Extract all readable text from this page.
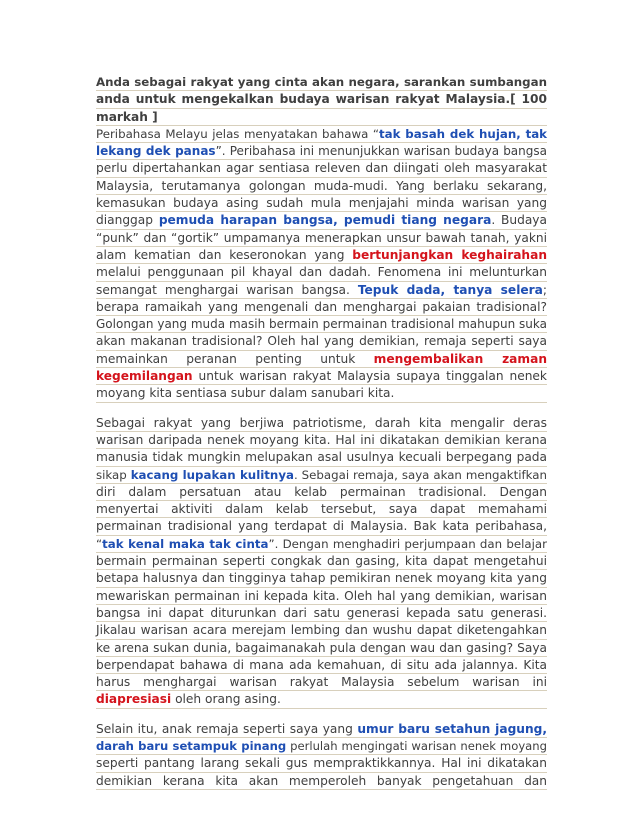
Anda sebagai rakyat yang cinta akan negara, sarankan sumbangan
anda untuk mengekalkan budaya warisan rakyat Malaysia.[ 100
markah ]

Peribahasa Melayu jelas menyatakan bahawa “tak basah dek hujan, tak
lekang dek panas”. Peribahasa ini menunjukkan warisan budaya bangsa
perlu dipertahankan agar sentiasa releven dan diingati oleh masyarakat
Malaysia, terutamanya golongan muda-mudi. Yang berlaku sekarang,
kemasukan budaya asing sudah mula menjajahi minda warisan yang
dianggap pemuda harapan bangsa, pemudi tiang negara. Budaya
“punk” dan “gortik” umpamanya menerapkan unsur bawah tanah, yakni
alam kematian dan keseronokan yang bertunjangkan keghairahan
melalui penggunaan pil khayal dan dadah. Fenomena ini melunturkan
semangat menghargai warisan bangsa. Tepuk dada, tanya selera;
berapa ramaikah yang mengenali dan menghargai pakaian tradisional?
Golongan yang muda masih bermain permainan tradisional mahupun suka
akan makanan tradisional? Oleh hal yang demikian, remaja seperti saya
memainkan peranan penting untuk mengembalikan zaman
kegemilangan untuk warisan rakyat Malaysia supaya tinggalan nenek
moyang kita sentiasa subur dalam sanubari kita.

Sebagai rakyat yang berjiwa patriotisme, darah kita mengalir deras
warisan daripada nenek moyang kita. Hal ini dikatakan demikian kerana
manusia tidak mungkin melupakan asal usulnya kecuali berpegang pada
sikap kacang lupakan kulitnya. Sebagai remaja, saya akan mengaktifkan
diri dalam persatuan atau kelab permainan tradisional. Dengan
menyertai aktiviti dalam kelab tersebut, saya dapat memahami
permainan tradisional yang terdapat di Malaysia. Bak kata peribahasa,
“tak kenal maka tak cinta”. Dengan menghadiri perjumpaan dan belajar
bermain permainan seperti congkak dan gasing, kita dapat mengetahui
betapa halusnya dan tingginya tahap pemikiran nenek moyang kita yang
mewariskan permainan ini kepada kita. Oleh hal yang demikian, warisan
bangsa ini dapat diturunkan dari satu generasi kepada satu generasi.
Jikalau warisan acara merejam lembing dan wushu dapat diketengahkan
ke arena sukan dunia, bagaimanakah pula dengan wau dan gasing? Saya
berpendapat bahawa di mana ada kemahuan, di situ ada jalannya. Kita
harus menghargai warisan rakyat Malaysia sebelum warisan ini
diapresiasi oleh orang asing.

Selain itu, anak remaja seperti saya yang umur baru setahun jagung,
darah baru setampuk pinang perlulah mengingati warisan nenek moyang
seperti pantang larang sekali gus mempraktikkannya. Hal ini dikatakan
demikian kerana kita akan memperoleh banyak pengetahuan dan
